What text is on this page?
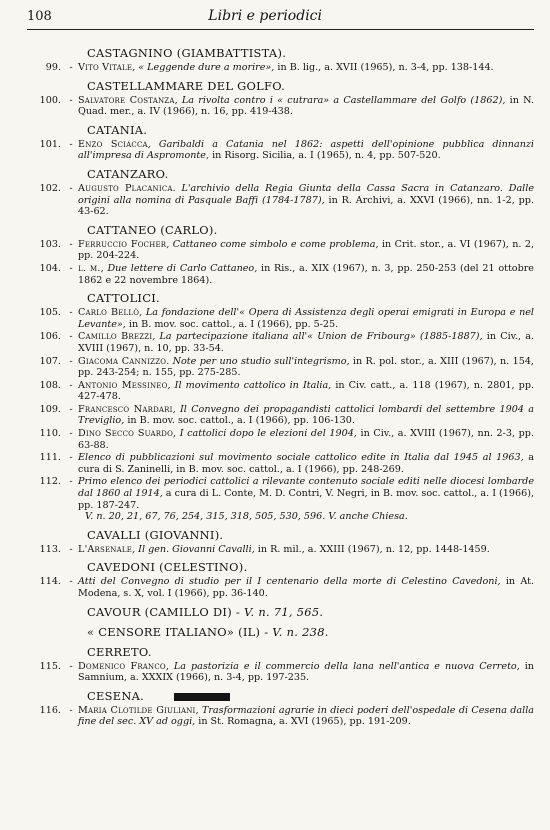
108	Libri e periodici
CASTAGNINO (GIAMBATTISTA).
99. - Vito Vitale, « Leggende dure a morire», in B. lig., a. XVII (1965), n. 3-4, pp. 138-144.
CASTELLAMMARE DEL GOLFO.
100. - Salvatore Costanza, La rivolta contro i « cutrara» a Castellammare del Golfo (1862), in N. Quad. mer., a. IV (1966), n. 16, pp. 419-438.
CATANIA.
101. - Enzo Sciacca, Garibaldi a Catania nel 1862: aspetti dell'opinione pubblica dinnanzi all'impresa di Aspromonte, in Risorg. Sicilia, a. I (1965), n. 4, pp. 507-520.
CATANZARO.
102. - Augusto Placanica. L'archivio della Regia Giunta della Cassa Sacra in Catanzaro. Dalle origini alla nomina di Pasquale Baffi (1784-1787), in R. Archivi, a. XXVI (1966), nn. 1-2, pp. 43-62.
CATTANEO (CARLO).
103. - Ferruccio Focher, Cattaneo come simbolo e come problema, in Crit. stor., a. VI (1967), n. 2, pp. 204-224.
104. - l. m., Due lettere di Carlo Cattaneo, in Ris., a. XIX (1967), n. 3, pp. 250-253 (del 21 ottobre 1862 e 22 novembre 1864).
CATTOLICI.
105. - Carlo Bellò, La fondazione dell'« Opera di Assistenza degli operai emigrati in Europa e nel Levante», in B. mov. soc. cattol., a. I (1966), pp. 5-25.
106. - Camillo Brezzi, La partecipazione italiana all'« Union de Fribourg» (1885-1887), in Civ., a. XVIII (1967), n. 10, pp. 33-54.
107. - Giacoma Cannizzo. Note per uno studio sull'integrismo, in R. pol. stor., a. XIII (1967), n. 154, pp. 243-254; n. 155, pp. 275-285.
108. - Antonio Messineo, Il movimento cattolico in Italia, in Civ. catt., a. 118 (1967), n. 2801, pp. 427-478.
109. - Francesco Nardari, Il Convegno dei propagandisti cattolici lombardi del settembre 1904 a Treviglio, in B. mov. soc. cattol., a. I (1966), pp. 106-130.
110. - Dino Secco Suardo, I cattolici dopo le elezioni del 1904, in Civ., a. XVIII (1967), nn. 2-3, pp. 63-88.
111. - Elenco di pubblicazioni sul movimento sociale cattolico edite in Italia dal 1945 al 1963, a cura di S. Zaninelli, in B. mov. soc. cattol., a. I (1966), pp. 248-269.
112. - Primo elenco dei periodici cattolici a rilevante contenuto sociale editi nelle diocesi lombarde dal 1860 al 1914, a cura di L. Conte, M. D. Contri, V. Negri, in B. mov. soc. cattol., a. I (1966), pp. 187-247.
V. n. 20, 21, 67, 76, 254, 315, 318, 505, 530, 596. V. anche Chiesa.
CAVALLI (GIOVANNI).
113. - L'Arsenale, Il gen. Giovanni Cavalli, in R. mil., a. XXIII (1967), n. 12, pp. 1448-1459.
CAVEDONI (CELESTINO).
114. - Atti del Convegno di studio per il I centenario della morte di Celestino Cavedoni, in At. Modena, s. X, vol. I (1966), pp. 36-140.
CAVOUR (CAMILLO DI) - V. n. 71, 565.
« CENSORE ITALIANO» (IL) - V. n. 238.
CERRETO.
115. - Domenico Franco, La pastorizia e il commercio della lana nell'antica e nuova Cerreto, in Samnium, a. XXXIX (1966), n. 3-4, pp. 197-235.
CESENA.
116. - Maria Clotilde Giuliani, Trasformazioni agrarie in dieci poderi dell'ospedale di Cesena dalla fine del sec. XV ad oggi, in St. Romagna, a. XVI (1965), pp. 191-209.
